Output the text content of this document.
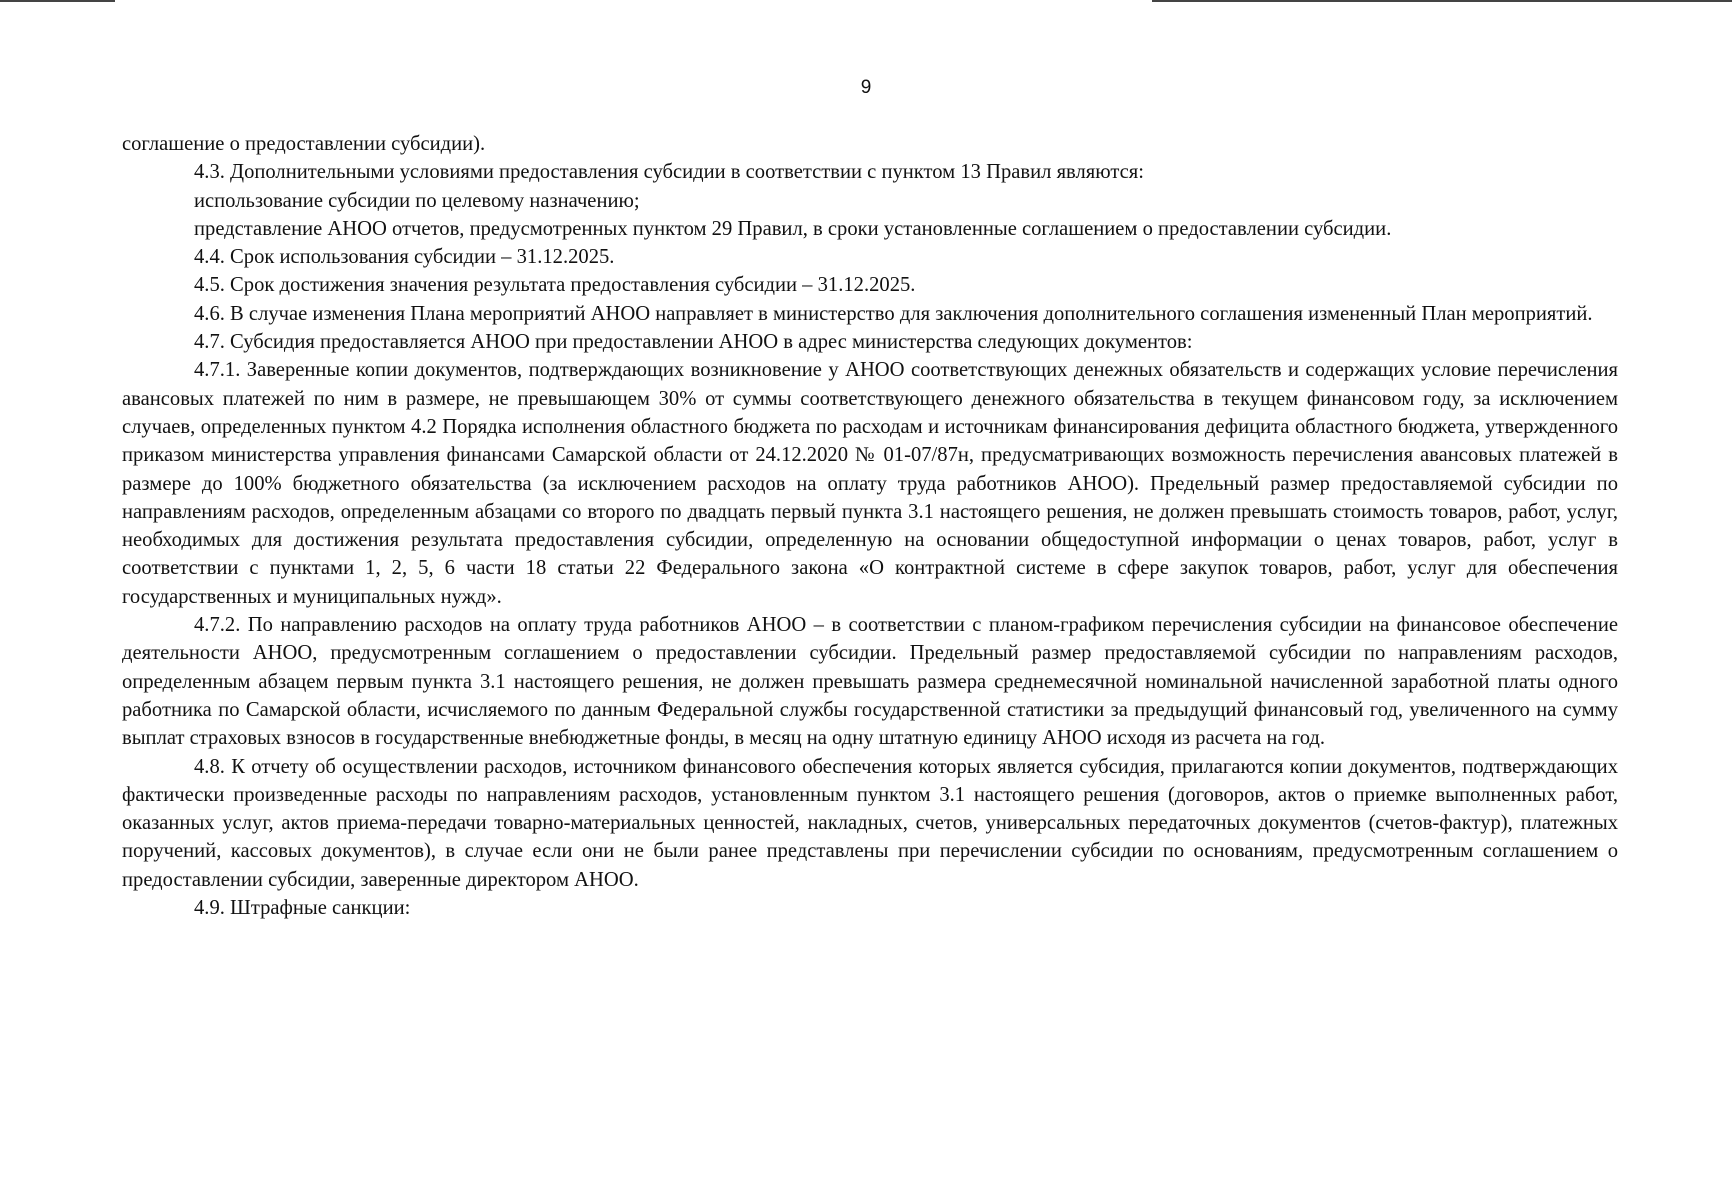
9

соглашение о предоставлении субсидии).

4.3. Дополнительными условиями предоставления субсидии в соответствии с пунктом 13 Правил являются:

использование субсидии по целевому назначению;

представление АНОО отчетов, предусмотренных пунктом 29 Правил, в сроки установленные соглашением о предоставлении субсидии.

4.4. Срок использования субсидии – 31.12.2025.

4.5. Срок достижения значения результата предоставления субсидии – 31.12.2025.

4.6. В случае изменения Плана мероприятий АНОО направляет в министерство для заключения дополнительного соглашения измененный План мероприятий.

4.7. Субсидия предоставляется АНОО при предоставлении АНОО в адрес министерства следующих документов:

4.7.1. Заверенные копии документов, подтверждающих возникновение у АНОО соответствующих денежных обязательств и содержащих условие перечисления авансовых платежей по ним в размере, не превышающем 30% от суммы соответствующего денежного обязательства в текущем финансовом году, за исключением случаев, определенных пунктом 4.2 Порядка исполнения областного бюджета по расходам и источникам финансирования дефицита областного бюджета, утвержденного приказом министерства управления финансами Самарской области от 24.12.2020 № 01-07/87н, предусматривающих возможность перечисления авансовых платежей в размере до 100% бюджетного обязательства (за исключением расходов на оплату труда работников АНОО). Предельный размер предоставляемой субсидии по направлениям расходов, определенным абзацами со второго по двадцать первый пункта 3.1 настоящего решения, не должен превышать стоимость товаров, работ, услуг, необходимых для достижения результата предоставления субсидии, определенную на основании общедоступной информации о ценах товаров, работ, услуг в соответствии с пунктами 1, 2, 5, 6 части 18 статьи 22 Федерального закона «О контрактной системе в сфере закупок товаров, работ, услуг для обеспечения государственных и муниципальных нужд».

4.7.2. По направлению расходов на оплату труда работников АНОО – в соответствии с планом-графиком перечисления субсидии на финансовое обеспечение деятельности АНОО, предусмотренным соглашением о предоставлении субсидии. Предельный размер предоставляемой субсидии по направлениям расходов, определенным абзацем первым пункта 3.1 настоящего решения, не должен превышать размера среднемесячной номинальной начисленной заработной платы одного работника по Самарской области, исчисляемого по данным Федеральной службы государственной статистики за предыдущий финансовый год, увеличенного на сумму выплат страховых взносов в государственные внебюджетные фонды, в месяц на одну штатную единицу АНОО исходя из расчета на год.

4.8. К отчету об осуществлении расходов, источником финансового обеспечения которых является субсидия, прилагаются копии документов, подтверждающих фактически произведенные расходы по направлениям расходов, установленным пунктом 3.1 настоящего решения (договоров, актов о приемке выполненных работ, оказанных услуг, актов приема-передачи товарно-материальных ценностей, накладных, счетов, универсальных передаточных документов (счетов-фактур), платежных поручений, кассовых документов), в случае если они не были ранее представлены при перечислении субсидии по основаниям, предусмотренным соглашением о предоставлении субсидии, заверенные директором АНОО.

4.9. Штрафные санкции:
